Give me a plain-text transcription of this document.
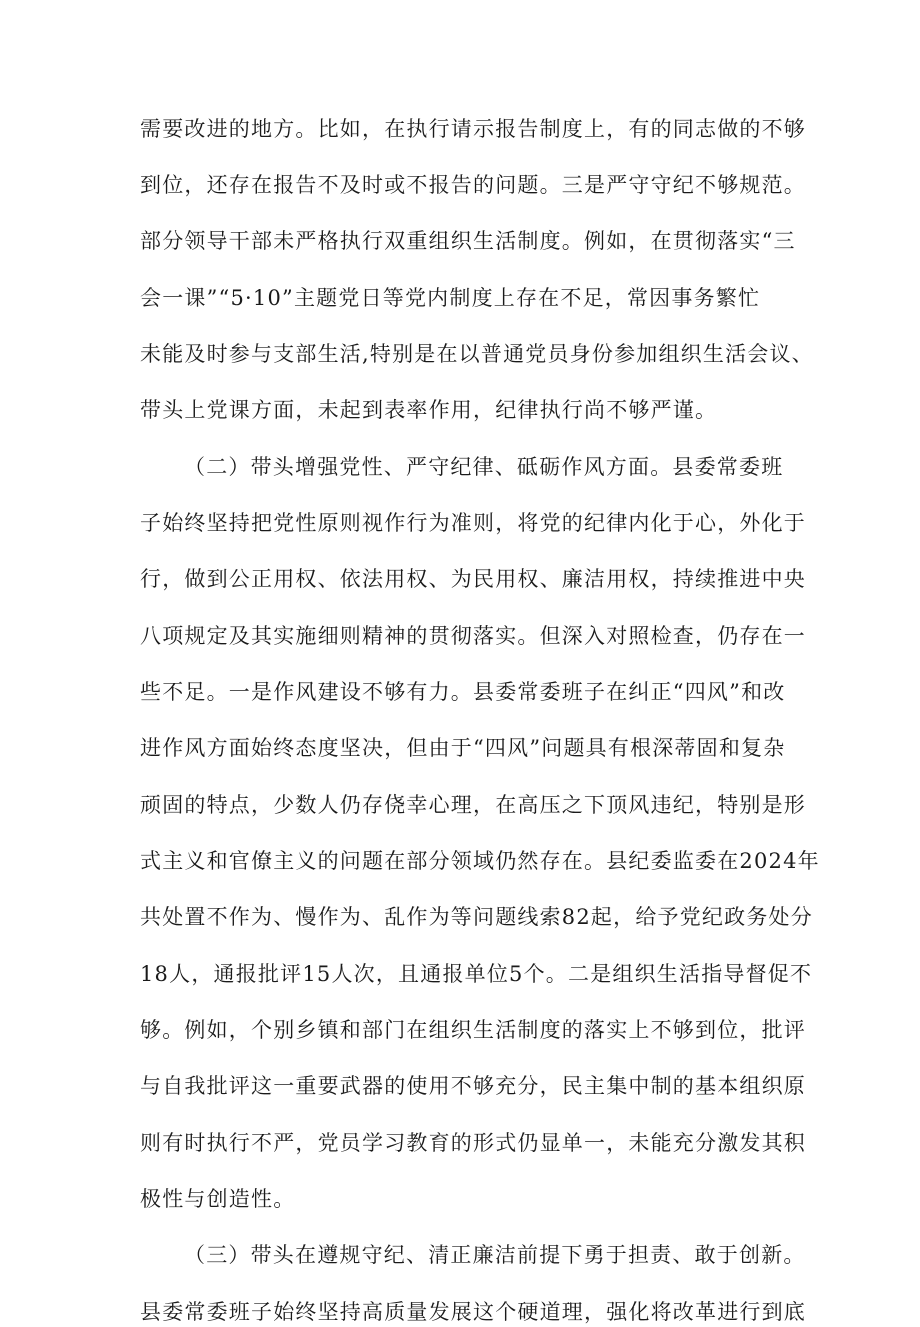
需要改进的地方。比如，在执行请示报告制度上，有的同志做的不够
到位，还存在报告不及时或不报告的问题。三是严守守纪不够规范。
部分领导干部未严格执行双重组织生活制度。例如，在贯彻落实“三
会一课”“5·10”主题党日等党内制度上存在不足，常因事务繁忙
未能及时参与支部生活,特别是在以普通党员身份参加组织生活会议、
带头上党课方面，未起到表率作用，纪律执行尚不够严谨。
（二）带头增强党性、严守纪律、砥砺作风方面。县委常委班
子始终坚持把党性原则视作行为准则，将党的纪律内化于心，外化于
行，做到公正用权、依法用权、为民用权、廉洁用权，持续推进中央
八项规定及其实施细则精神的贯彻落实。但深入对照检查，仍存在一
些不足。一是作风建设不够有力。县委常委班子在纠正“四风”和改
进作风方面始终态度坚决，但由于“四风”问题具有根深蒂固和复杂
顽固的特点，少数人仍存侥幸心理，在高压之下顶风违纪，特别是形
式主义和官僚主义的问题在部分领域仍然存在。县纪委监委在2024年
共处置不作为、慢作为、乱作为等问题线索82起，给予党纪政务处分
18人，通报批评15人次，且通报单位5个。二是组织生活指导督促不
够。例如，个别乡镇和部门在组织生活制度的落实上不够到位，批评
与自我批评这一重要武器的使用不够充分，民主集中制的基本组织原
则有时执行不严，党员学习教育的形式仍显单一，未能充分激发其积
极性与创造性。
（三）带头在遵规守纪、清正廉洁前提下勇于担责、敢于创新。
县委常委班子始终坚持高质量发展这个硬道理，强化将改革进行到底
